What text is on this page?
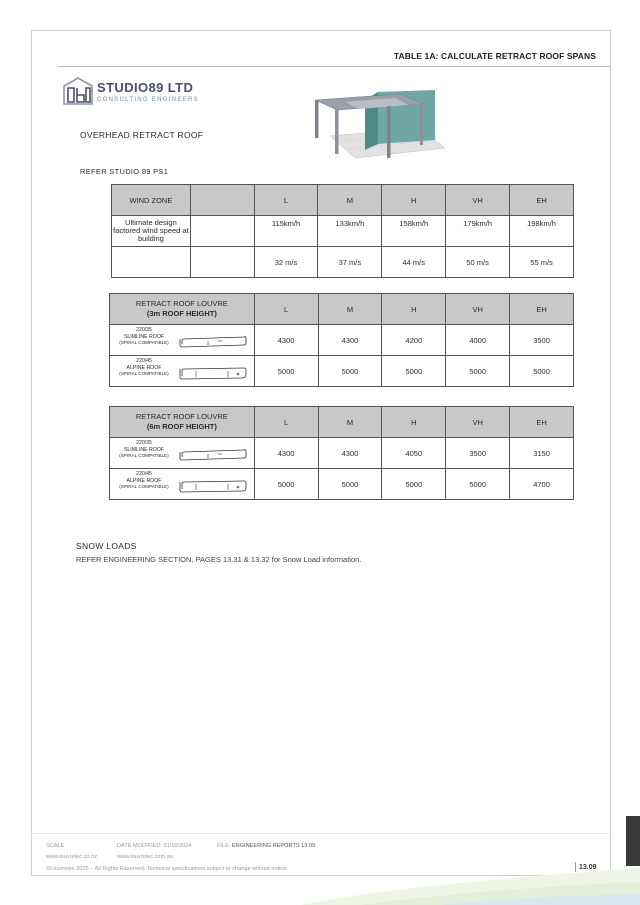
TABLE 1A: CALCULATE RETRACT ROOF SPANS
STUDIO89 LTD
CONSULTING ENGINEERS
OVERHEAD RETRACT ROOF
REFER STUDIO 89 PS1
WIND ZONE		L	M	H	VH	EH
Ultimate design factored wind speed at building		115km/h	133km/h	158km/h	179km/h	198km/h
		32 m/s	37 m/s	44 m/s	50 m/s	55 m/s
RETRACT ROOF LOUVRE
(3m ROOF HEIGHT)	L	M	H	VH	EH

220/35
SLIMLINE ROOF
(SPIRAL COMPATIBLE)	4300	4300	4200	4000	3500

220/45
ALPINE ROOF
(SPIRAL COMPATIBLE)	5000	5000	5000	5000	5000
RETRACT ROOF LOUVRE
(6m ROOF HEIGHT)	L	M	H	VH	EH

220/35
SLIMLINE ROOF
(SPIRAL COMPATIBLE)	4300	4300	4050	3500	3150

220/45
ALPINE ROOF
(SPIRAL COMPATIBLE)	5000	5000	5000	5000	4700
SNOW LOADS
REFER ENGINEERING SECTION, PAGES 13.31 & 13.32 for Snow Load information.
SCALE	DATE MODIFIED: 01/10/2024	FILE: ENGINEERING REPORTS 13.09
www.louvretec.co.nz	www.louvretec.com.au
©Louvretec 2025 – All Rights Reserved. Technical specifications subject to change without notice.	13.09
